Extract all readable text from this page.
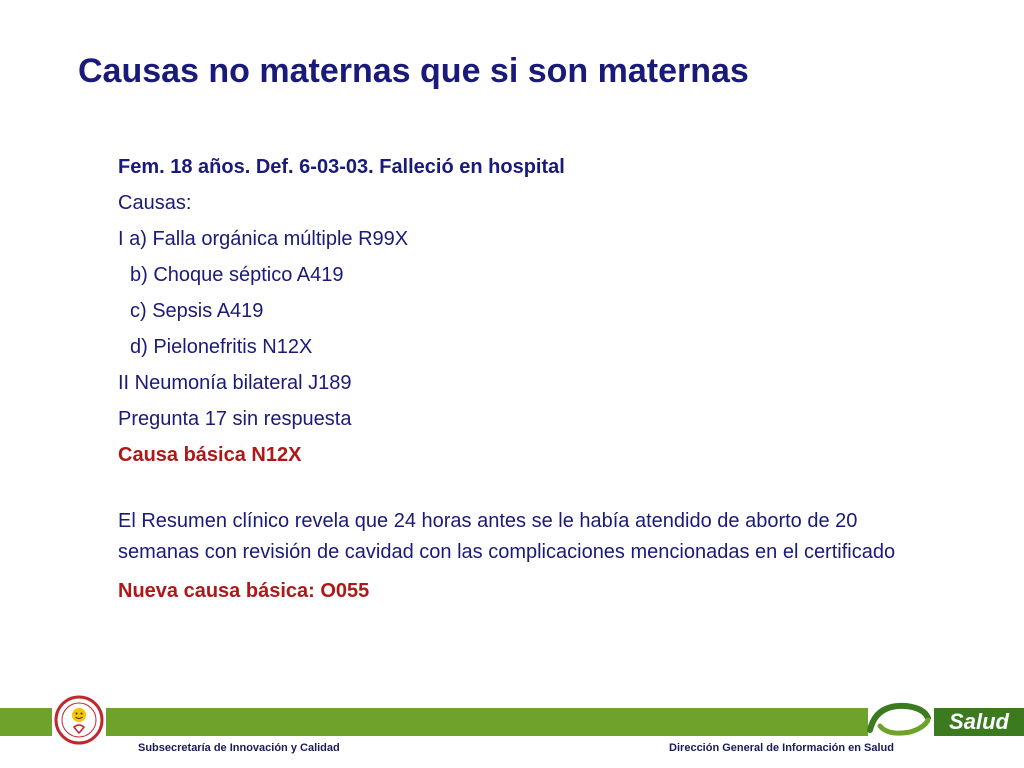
Causas no maternas que si son maternas
Fem. 18 años. Def. 6-03-03. Falleció en hospital
Causas:
I a) Falla orgánica múltiple R99X
b) Choque séptico A419
c) Sepsis A419
d) Pielonefritis N12X
II Neumonía bilateral J189
Pregunta 17 sin respuesta
Causa básica N12X
El Resumen clínico revela que 24 horas antes se le había atendido de aborto de 20 semanas con revisión de cavidad con las complicaciones mencionadas en el certificado
Nueva causa básica: O055
Salud
Subsecretaría de Innovación y Calidad	Dirección General de Información en Salud
